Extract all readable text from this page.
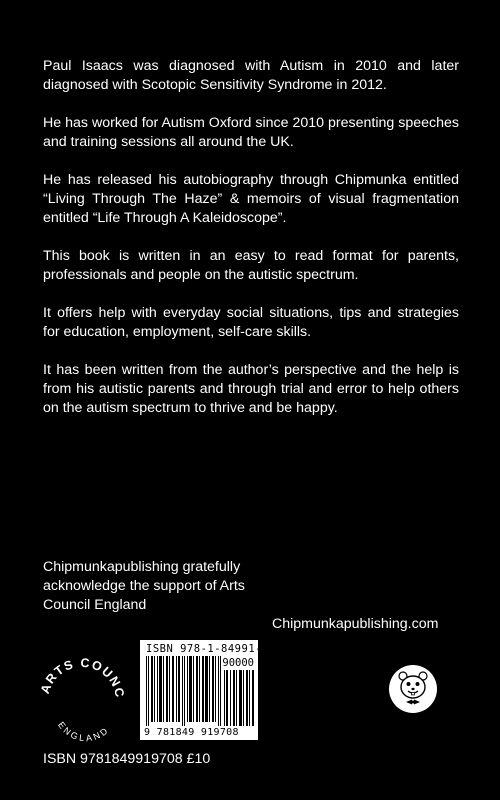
Paul Isaacs was diagnosed with Autism in 2010 and later diagnosed with Scotopic Sensitivity Syndrome in 2012.

He has worked for Autism Oxford since 2010 presenting speeches and training sessions all around the UK.

He has released his autobiography through Chipmunka entitled “Living Through The Haze” & memoirs of visual fragmentation entitled “Life Through A Kaleidoscope”.

This book is written in an easy to read format for parents, professionals and people on the autistic spectrum.

It offers help with everyday social situations, tips and strategies for education, employment, self-care skills.

It has been written from the author’s perspective and the help is from his autistic parents and through trial and error to help others on the autism spectrum to thrive and be happy.

Chipmunkapublishing gratefully acknowledge the support of Arts Council England
Chipmunkapublishing.com
ARTS COUNC
ENGLAND
ISBN 978-1-84991-970-8
90000
9 781849 919708
ISBN 9781849919708 £10
